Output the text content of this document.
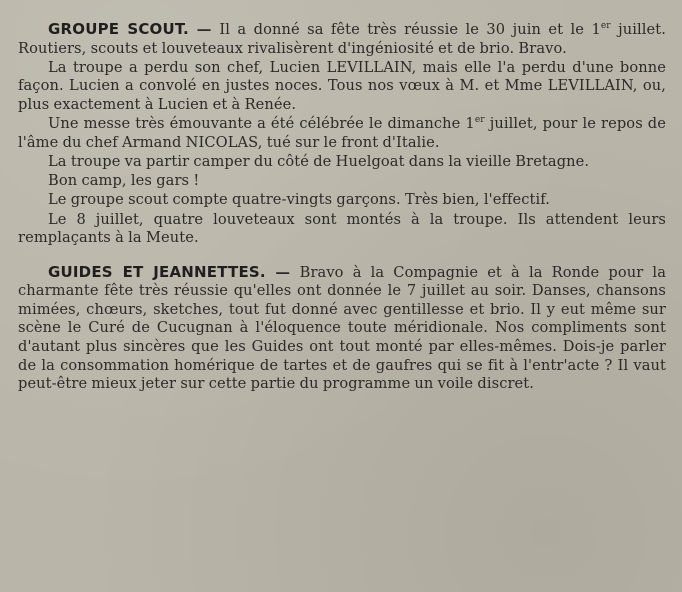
GROUPE SCOUT. — Il a donné sa fête très réussie le 30 juin et le 1er juillet. Routiers, scouts et louveteaux rivalisèrent d'ingéniosité et de brio. Bravo.

La troupe a perdu son chef, Lucien LEVILLAIN, mais elle l'a perdu d'une bonne façon. Lucien a convolé en justes noces. Tous nos vœux à M. et Mme LEVILLAIN, ou, plus exactement à Lucien et à Renée.

Une messe très émouvante a été célébrée le dimanche 1er juillet, pour le repos de l'âme du chef Armand NICOLAS, tué sur le front d'Italie.

La troupe va partir camper du côté de Huelgoat dans la vieille Bretagne.

Bon camp, les gars !

Le groupe scout compte quatre-vingts garçons. Très bien, l'effectif.

Le 8 juillet, quatre louveteaux sont montés à la troupe. Ils attendent leurs remplaçants à la Meute.

GUIDES ET JEANNETTES. — Bravo à la Compagnie et à la Ronde pour la charmante fête très réussie qu'elles ont donnée le 7 juillet au soir. Danses, chansons mimées, chœurs, sketches, tout fut donné avec gentillesse et brio. Il y eut même sur scène le Curé de Cucugnan à l'éloquence toute méridionale. Nos compliments sont d'autant plus sincères que les Guides ont tout monté par elles-mêmes. Dois-je parler de la consommation homérique de tartes et de gaufres qui se fit à l'entr'acte ? Il vaut peut-être mieux jeter sur cette partie du programme un voile discret.
